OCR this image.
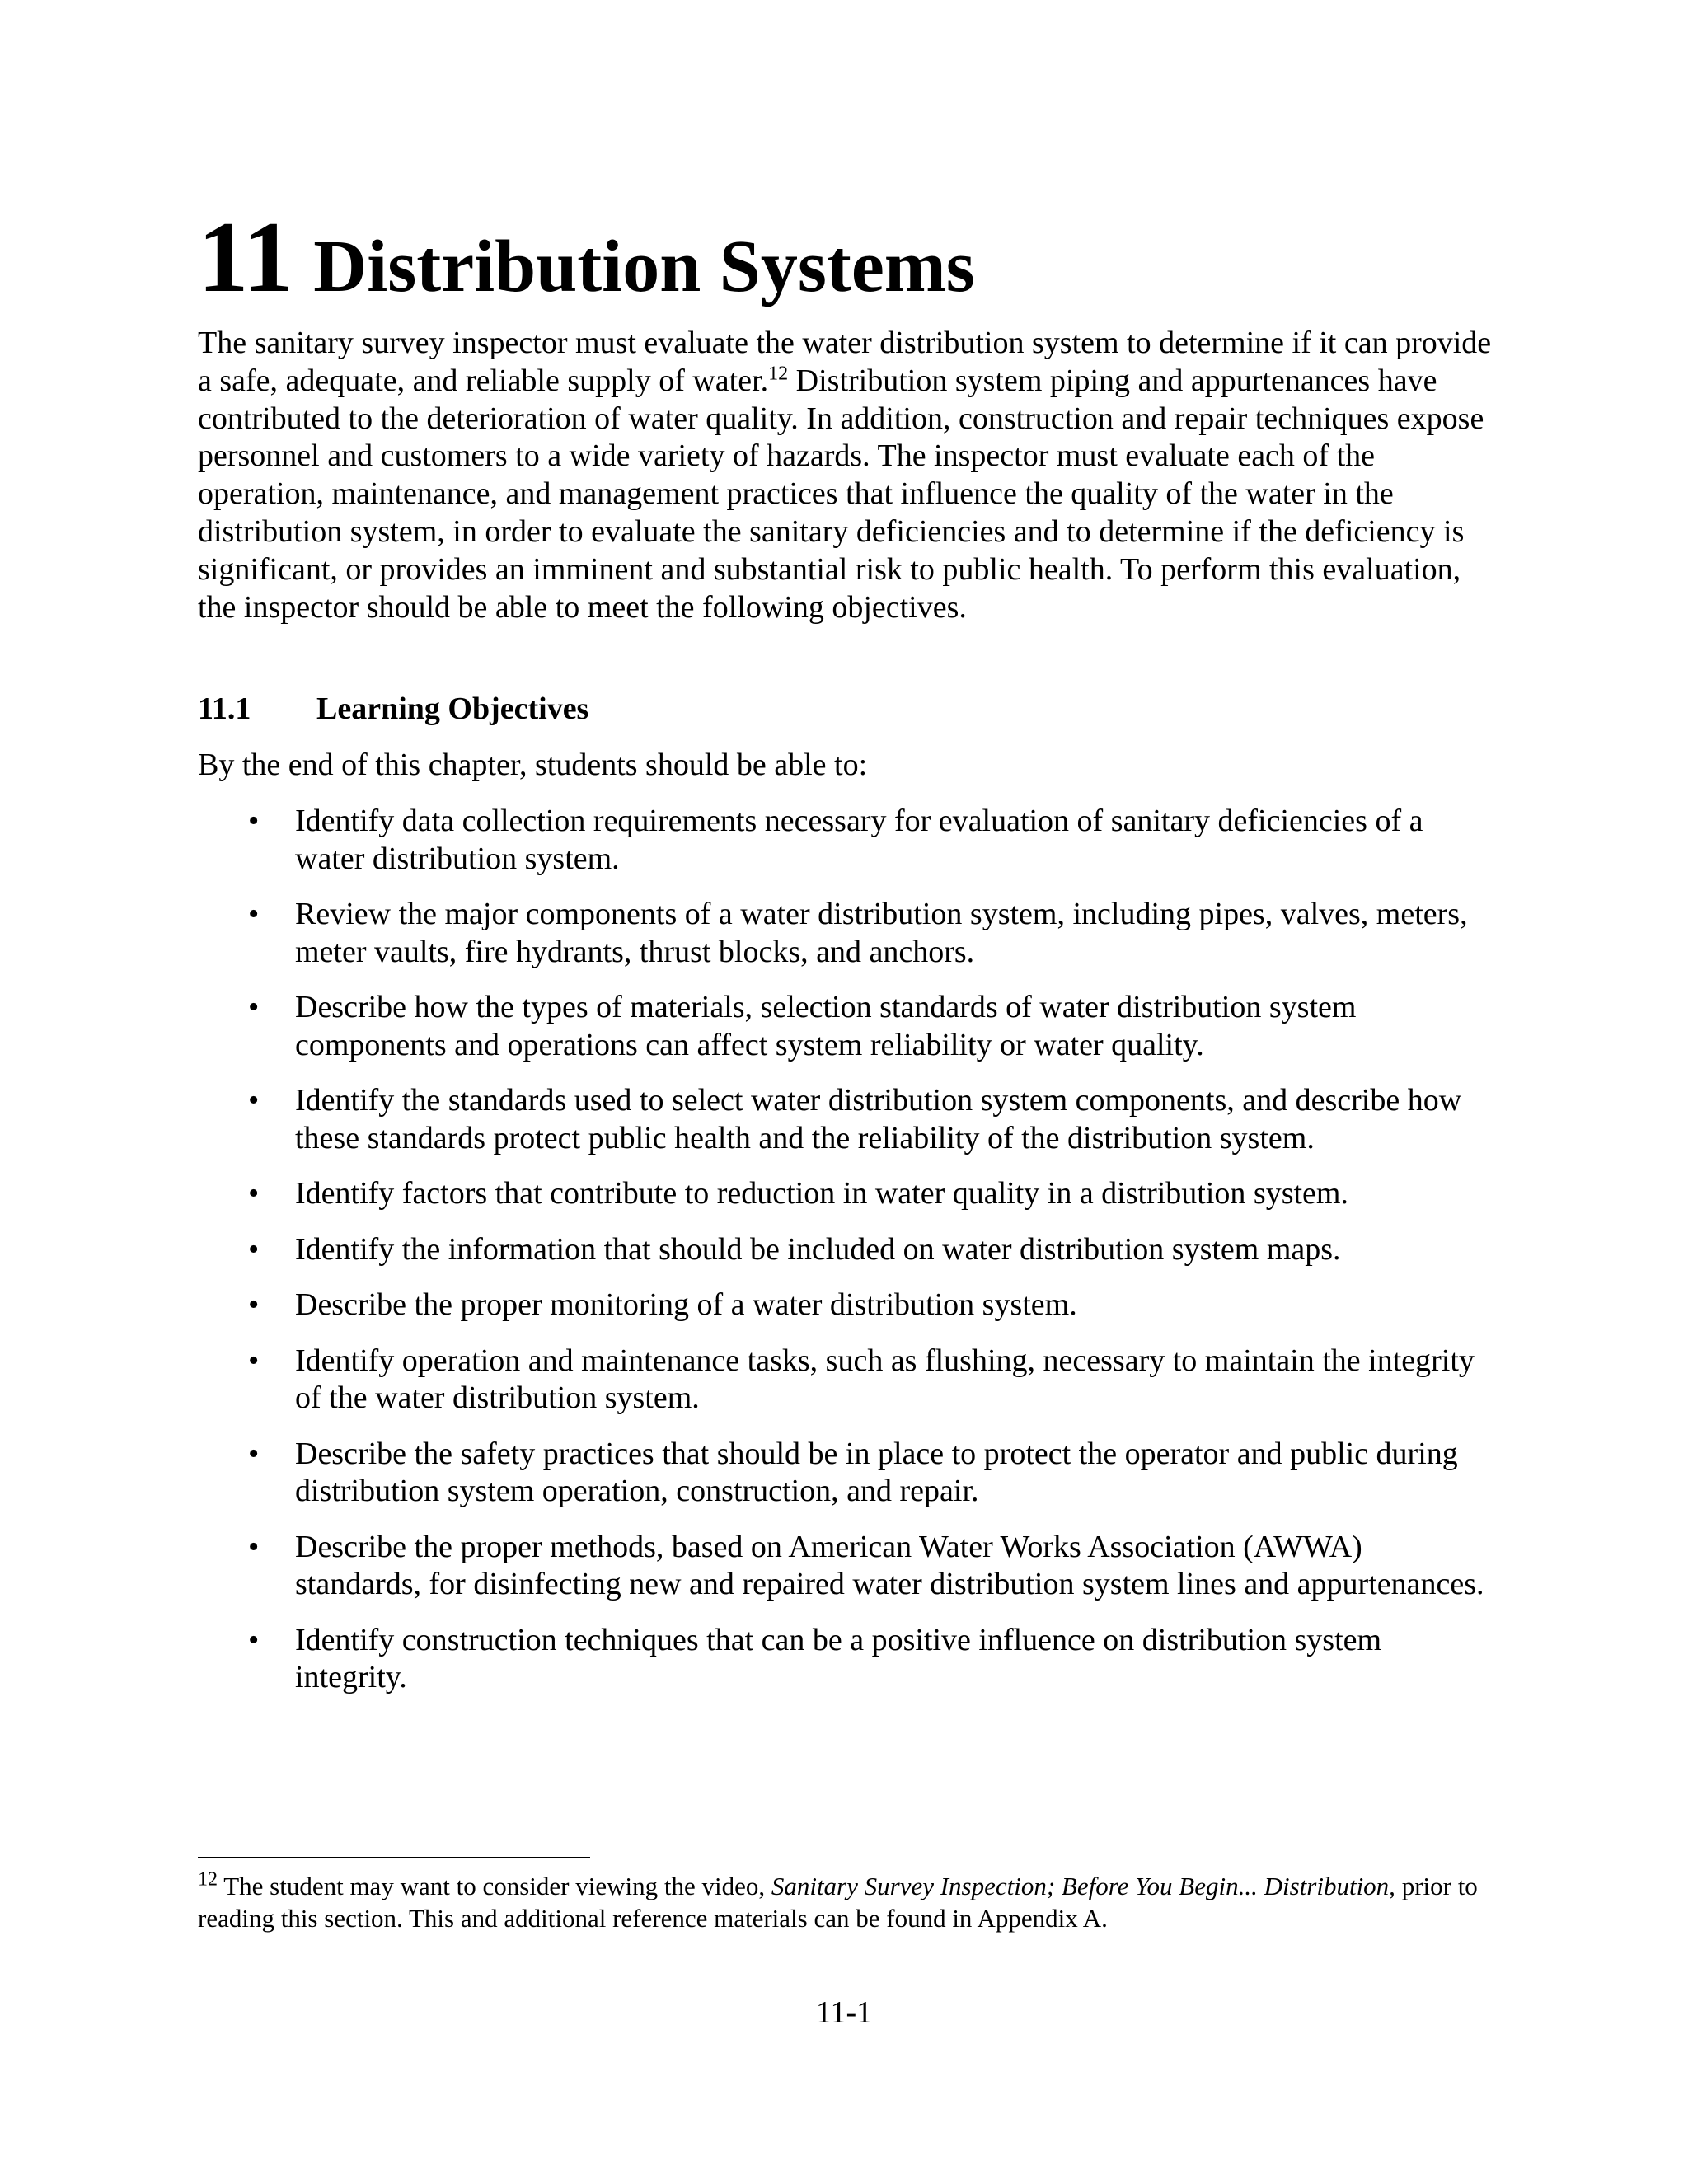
11 Distribution Systems

The sanitary survey inspector must evaluate the water distribution system to determine if it can provide a safe, adequate, and reliable supply of water.$^{12}$ Distribution system piping and appurtenances have contributed to the deterioration of water quality. In addition, construction and repair techniques expose personnel and customers to a wide variety of hazards. The inspector must evaluate each of the operation, maintenance, and management practices that influence the quality of the water in the distribution system, in order to evaluate the sanitary deficiencies and to determine if the deficiency is significant, or provides an imminent and substantial risk to public health. To perform this evaluation, the inspector should be able to meet the following objectives.

11.1 Learning Objectives

By the end of this chapter, students should be able to:

• Identify data collection requirements necessary for evaluation of sanitary deficiencies of a water distribution system.
• Review the major components of a water distribution system, including pipes, valves, meters, meter vaults, fire hydrants, thrust blocks, and anchors.
• Describe how the types of materials, selection standards of water distribution system components and operations can affect system reliability or water quality.
• Identify the standards used to select water distribution system components, and describe how these standards protect public health and the reliability of the distribution system.
• Identify factors that contribute to reduction in water quality in a distribution system.
• Identify the information that should be included on water distribution system maps.
• Describe the proper monitoring of a water distribution system.
• Identify operation and maintenance tasks, such as flushing, necessary to maintain the integrity of the water distribution system.
• Describe the safety practices that should be in place to protect the operator and public during distribution system operation, construction, and repair.
• Describe the proper methods, based on American Water Works Association (AWWA) standards, for disinfecting new and repaired water distribution system lines and appurtenances.
• Identify construction techniques that can be a positive influence on distribution system integrity.

$^{12}$ The student may want to consider viewing the video, Sanitary Survey Inspection; Before You Begin... Distribution, prior to reading this section. This and additional reference materials can be found in Appendix A.

11-1
